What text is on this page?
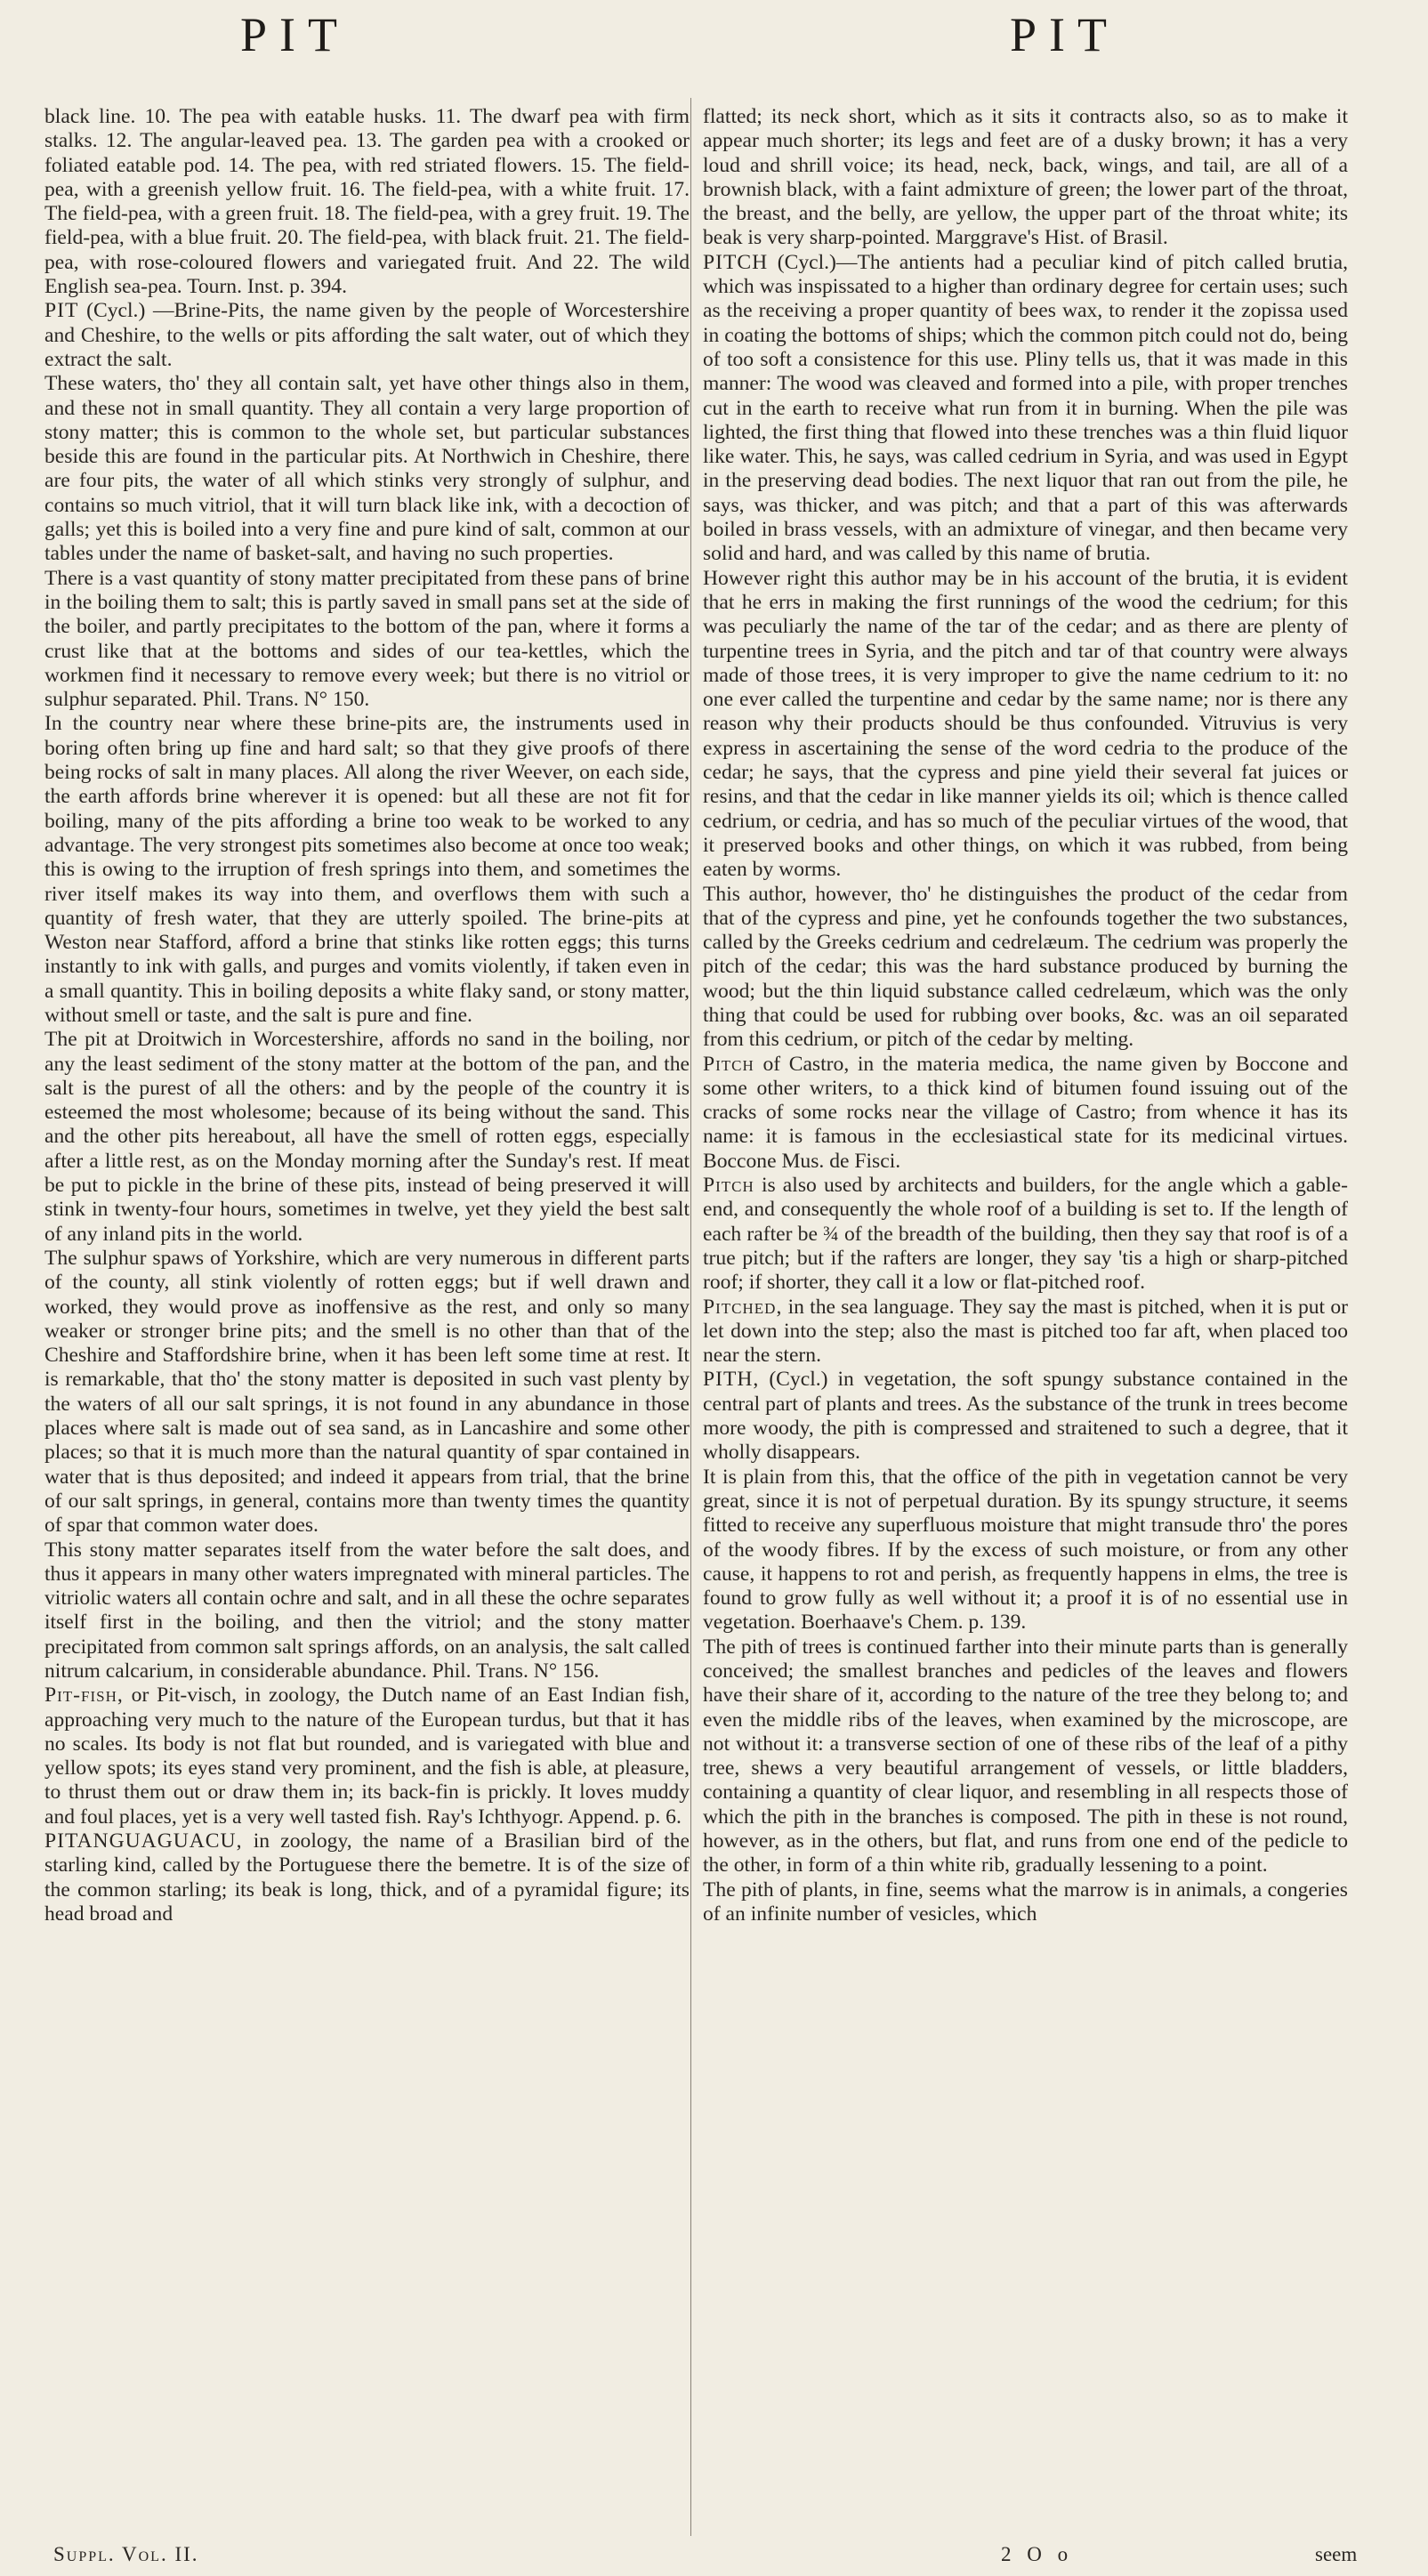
PIT	PIT

black line. 10. The pea with eatable husks. 11. The dwarf pea with firm stalks. 12. The angular-leaved pea. 13. The garden pea with a crooked or foliated eatable pod. 14. The pea, with red striated flowers. 15. The field-pea, with a greenish yellow fruit. 16. The field-pea, with a white fruit. 17. The field-pea, with a green fruit. 18. The field-pea, with a grey fruit. 19. The field-pea, with a blue fruit. 20. The field-pea, with black fruit. 21. The field-pea, with rose-coloured flowers and variegated fruit. And 22. The wild English sea-pea. Tourn. Inst. p. 394.

PIT (Cycl.) —Brine-Pits, the name given by the people of Worcestershire and Cheshire, to the wells or pits affording the salt water, out of which they extract the salt.

These waters, tho' they all contain salt, yet have other things also in them, and these not in small quantity. They all contain a very large proportion of stony matter; this is common to the whole set, but particular substances beside this are found in the particular pits. At Northwich in Cheshire, there are four pits, the water of all which stinks very strongly of sulphur, and contains so much vitriol, that it will turn black like ink, with a decoction of galls; yet this is boiled into a very fine and pure kind of salt, common at our tables under the name of basket-salt, and having no such properties.

There is a vast quantity of stony matter precipitated from these pans of brine in the boiling them to salt; this is partly saved in small pans set at the side of the boiler, and partly precipitates to the bottom of the pan, where it forms a crust like that at the bottoms and sides of our tea-kettles, which the workmen find it necessary to remove every week; but there is no vitriol or sulphur separated. Phil. Trans. N° 150.

In the country near where these brine-pits are, the instruments used in boring often bring up fine and hard salt; so that they give proofs of there being rocks of salt in many places. All along the river Weever, on each side, the earth affords brine wherever it is opened: but all these are not fit for boiling, many of the pits affording a brine too weak to be worked to any advantage. The very strongest pits sometimes also become at once too weak; this is owing to the irruption of fresh springs into them, and sometimes the river itself makes its way into them, and overflows them with such a quantity of fresh water, that they are utterly spoiled. The brine-pits at Weston near Stafford, afford a brine that stinks like rotten eggs; this turns instantly to ink with galls, and purges and vomits violently, if taken even in a small quantity. This in boiling deposits a white flaky sand, or stony matter, without smell or taste, and the salt is pure and fine.

The pit at Droitwich in Worcestershire, affords no sand in the boiling, nor any the least sediment of the stony matter at the bottom of the pan, and the salt is the purest of all the others: and by the people of the country it is esteemed the most wholesome; because of its being without the sand. This and the other pits hereabout, all have the smell of rotten eggs, especially after a little rest, as on the Monday morning after the Sunday's rest. If meat be put to pickle in the brine of these pits, instead of being preserved it will stink in twenty-four hours, sometimes in twelve, yet they yield the best salt of any inland pits in the world.

The sulphur spaws of Yorkshire, which are very numerous in different parts of the county, all stink violently of rotten eggs; but if well drawn and worked, they would prove as inoffensive as the rest, and only so many weaker or stronger brine pits; and the smell is no other than that of the Cheshire and Staffordshire brine, when it has been left some time at rest. It is remarkable, that tho' the stony matter is deposited in such vast plenty by the waters of all our salt springs, it is not found in any abundance in those places where salt is made out of sea sand, as in Lancashire and some other places; so that it is much more than the natural quantity of spar contained in water that is thus deposited; and indeed it appears from trial, that the brine of our salt springs, in general, contains more than twenty times the quantity of spar that common water does.

This stony matter separates itself from the water before the salt does, and thus it appears in many other waters impregnated with mineral particles. The vitriolic waters all contain ochre and salt, and in all these the ochre separates itself first in the boiling, and then the vitriol; and the stony matter precipitated from common salt springs affords, on an analysis, the salt called nitrum calcarium, in considerable abundance. Phil. Trans. N° 156.

Pit-fish, or Pit-visch, in zoology, the Dutch name of an East Indian fish, approaching very much to the nature of the European turdus, but that it has no scales. Its body is not flat but rounded, and is variegated with blue and yellow spots; its eyes stand very prominent, and the fish is able, at pleasure, to thrust them out or draw them in; its back-fin is prickly. It loves muddy and foul places, yet is a very well tasted fish. Ray's Ichthyogr. Append. p. 6.

PITANGUAGUACU, in zoology, the name of a Brasilian bird of the starling kind, called by the Portuguese there the bemetre. It is of the size of the common starling; its beak is long, thick, and of a pyramidal figure; its head broad and

flatted; its neck short, which as it sits it contracts also, so as to make it appear much shorter; its legs and feet are of a dusky brown; it has a very loud and shrill voice; its head, neck, back, wings, and tail, are all of a brownish black, with a faint admixture of green; the lower part of the throat, the breast, and the belly, are yellow, the upper part of the throat white; its beak is very sharp-pointed. Marggrave's Hist. of Brasil.

PITCH (Cycl.)—The antients had a peculiar kind of pitch called brutia, which was inspissated to a higher than ordinary degree for certain uses; such as the receiving a proper quantity of bees wax, to render it the zopissa used in coating the bottoms of ships; which the common pitch could not do, being of too soft a consistence for this use. Pliny tells us, that it was made in this manner: The wood was cleaved and formed into a pile, with proper trenches cut in the earth to receive what run from it in burning. When the pile was lighted, the first thing that flowed into these trenches was a thin fluid liquor like water. This, he says, was called cedrium in Syria, and was used in Egypt in the preserving dead bodies. The next liquor that ran out from the pile, he says, was thicker, and was pitch; and that a part of this was afterwards boiled in brass vessels, with an admixture of vinegar, and then became very solid and hard, and was called by this name of brutia.

However right this author may be in his account of the brutia, it is evident that he errs in making the first runnings of the wood the cedrium; for this was peculiarly the name of the tar of the cedar; and as there are plenty of turpentine trees in Syria, and the pitch and tar of that country were always made of those trees, it is very improper to give the name cedrium to it: no one ever called the turpentine and cedar by the same name; nor is there any reason why their products should be thus confounded. Vitruvius is very express in ascertaining the sense of the word cedria to the produce of the cedar; he says, that the cypress and pine yield their several fat juices or resins, and that the cedar in like manner yields its oil; which is thence called cedrium, or cedria, and has so much of the peculiar virtues of the wood, that it preserved books and other things, on which it was rubbed, from being eaten by worms.

This author, however, tho' he distinguishes the product of the cedar from that of the cypress and pine, yet he confounds together the two substances, called by the Greeks cedrium and cedrelæum. The cedrium was properly the pitch of the cedar; this was the hard substance produced by burning the wood; but the thin liquid substance called cedrelæum, which was the only thing that could be used for rubbing over books, &c. was an oil separated from this cedrium, or pitch of the cedar by melting.

Pitch of Castro, in the materia medica, the name given by Boccone and some other writers, to a thick kind of bitumen found issuing out of the cracks of some rocks near the village of Castro; from whence it has its name: it is famous in the ecclesiastical state for its medicinal virtues. Boccone Mus. de Fisci.

Pitch is also used by architects and builders, for the angle which a gable-end, and consequently the whole roof of a building is set to. If the length of each rafter be ¾ of the breadth of the building, then they say that roof is of a true pitch; but if the rafters are longer, they say 'tis a high or sharp-pitched roof; if shorter, they call it a low or flat-pitched roof.

Pitched, in the sea language. They say the mast is pitched, when it is put or let down into the step; also the mast is pitched too far aft, when placed too near the stern.

PITH, (Cycl.) in vegetation, the soft spungy substance contained in the central part of plants and trees. As the substance of the trunk in trees become more woody, the pith is compressed and straitened to such a degree, that it wholly disappears.

It is plain from this, that the office of the pith in vegetation cannot be very great, since it is not of perpetual duration. By its spungy structure, it seems fitted to receive any superfluous moisture that might transude thro' the pores of the woody fibres. If by the excess of such moisture, or from any other cause, it happens to rot and perish, as frequently happens in elms, the tree is found to grow fully as well without it; a proof it is of no essential use in vegetation. Boerhaave's Chem. p. 139.

The pith of trees is continued farther into their minute parts than is generally conceived; the smallest branches and pedicles of the leaves and flowers have their share of it, according to the nature of the tree they belong to; and even the middle ribs of the leaves, when examined by the microscope, are not without it: a transverse section of one of these ribs of the leaf of a pithy tree, shews a very beautiful arrangement of vessels, or little bladders, containing a quantity of clear liquor, and resembling in all respects those of which the pith in the branches is composed. The pith in these is not round, however, as in the others, but flat, and runs from one end of the pedicle to the other, in form of a thin white rib, gradually lessening to a point.

The pith of plants, in fine, seems what the marrow is in animals, a congeries of an infinite number of vesicles, which

Suppl. Vol. II.	2 O o	seem
